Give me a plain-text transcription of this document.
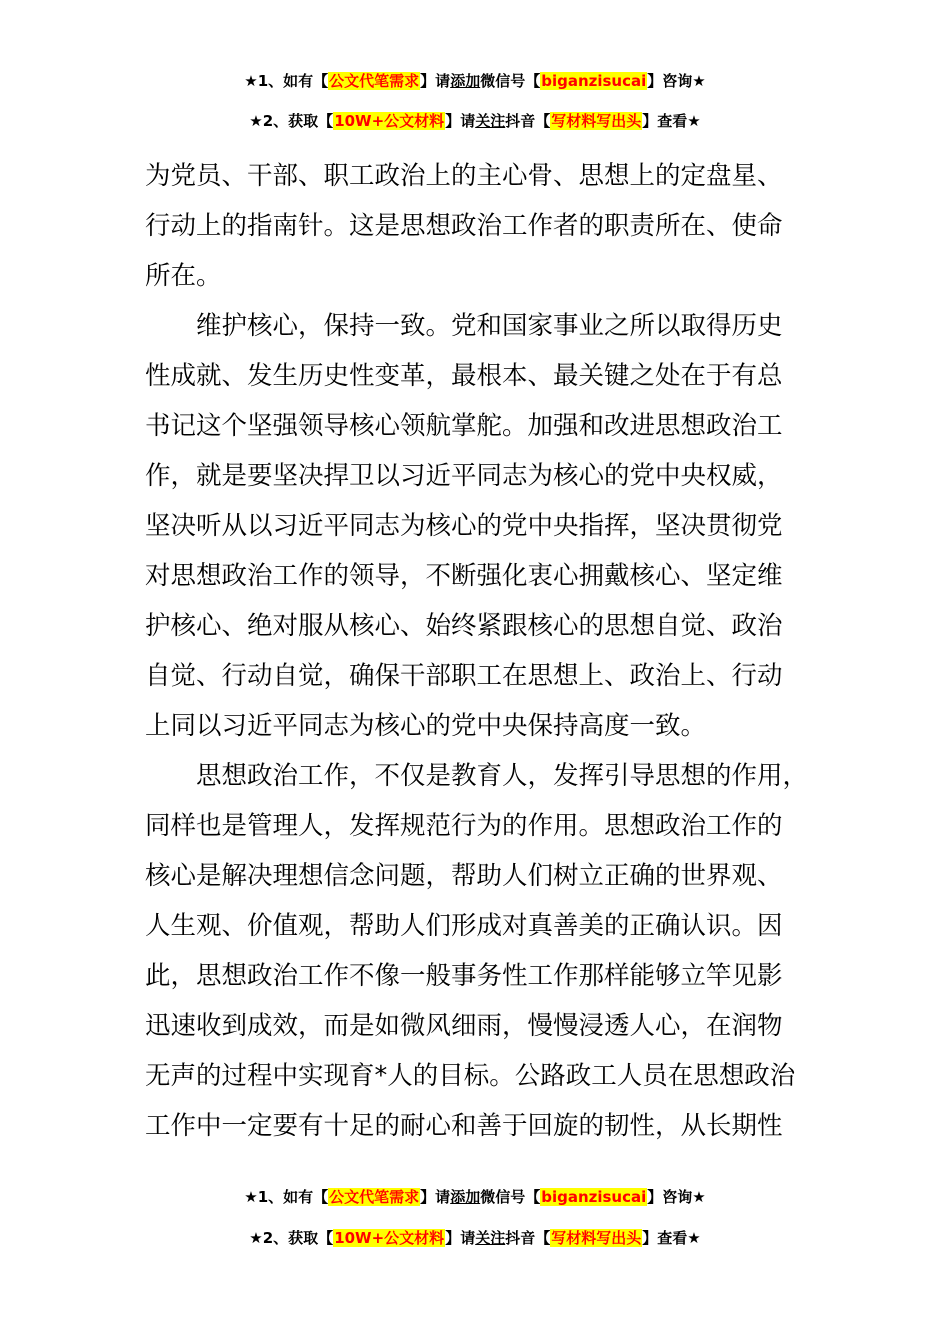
★1、如有【公文代笔需求】请添加微信号【biganzisucai】咨询★
★2、获取【10W+公文材料】请关注抖音【写材料写出头】查看★
为党员、干部、职工政治上的主心骨、思想上的定盘星、
行动上的指南针。这是思想政治工作者的职责所在、使命
所在。
　　维护核心，保持一致。党和国家事业之所以取得历史
性成就、发生历史性变革，最根本、最关键之处在于有总
书记这个坚强领导核心领航掌舵。加强和改进思想政治工
作，就是要坚决捍卫以习近平同志为核心的党中央权威，
坚决听从以习近平同志为核心的党中央指挥，坚决贯彻党
对思想政治工作的领导，不断强化衷心拥戴核心、坚定维
护核心、绝对服从核心、始终紧跟核心的思想自觉、政治
自觉、行动自觉，确保干部职工在思想上、政治上、行动
上同以习近平同志为核心的党中央保持高度一致。
　　思想政治工作，不仅是教育人，发挥引导思想的作用，
同样也是管理人，发挥规范行为的作用。思想政治工作的
核心是解决理想信念问题，帮助人们树立正确的世界观、
人生观、价值观，帮助人们形成对真善美的正确认识。因
此，思想政治工作不像一般事务性工作那样能够立竿见影
迅速收到成效，而是如微风细雨，慢慢浸透人心，在润物
无声的过程中实现育*人的目标。公路政工人员在思想政治
工作中一定要有十足的耐心和善于回旋的韧性，从长期性
★1、如有【公文代笔需求】请添加微信号【biganzisucai】咨询★
★2、获取【10W+公文材料】请关注抖音【写材料写出头】查看★
